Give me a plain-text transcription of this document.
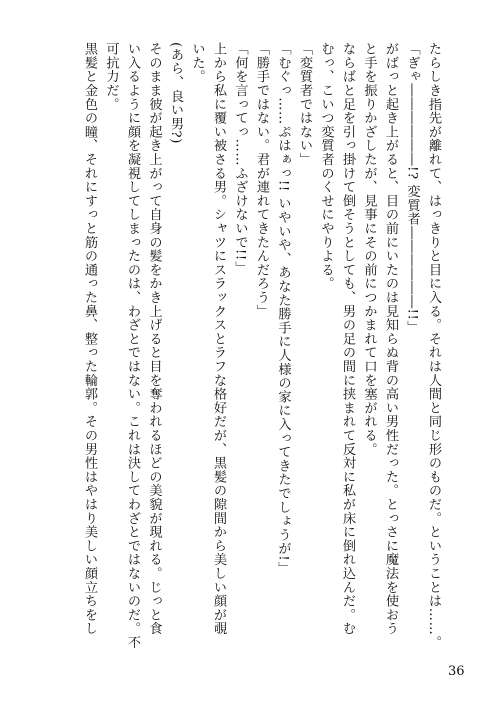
たらしき指先が離れて、はっきりと目に入る。それは人間と同じ形のものだ。ということは……。
「ぎゃ――――――!? 変質者――――――!!」
がばっと起き上がると、目の前にいたのは見知らぬ背の高い男性だった。とっさに魔法を使おう
と手を振りかざしたが、見事にその前につかまれて口を塞がれる。
ならばと足を引っ掛けて倒そうとしても、男の足の間に挟まれて反対に私が床に倒れ込んだ。む
むっ、こいつ変質者のくせにやりよる。
「変質者ではない」
「むぐっ……ぷはぁっ!! いやいや、あなた勝手に人様の家に入ってきたでしょうが!」
「勝手ではない。君が連れてきたんだろう」
「何を言ってっ……ふざけないで!!」
上から私に覆い被さる男。シャツにスラックスとラフな格好だが、黒髪の隙間から美しい顔が覗
いた。
(あら、良い男?)
そのまま彼が起き上がって自身の髪をかき上げると目を奪われるほどの美貌が現れる。じっと食
い入るように顔を凝視してしまったのは、わざとではない。これは決してわざとではないのだ。不
可抗力だ。
黒髪と金色の瞳、それにすっと筋の通った鼻、整った輪郭。その男性はやはり美しい顔立ちをし
36
